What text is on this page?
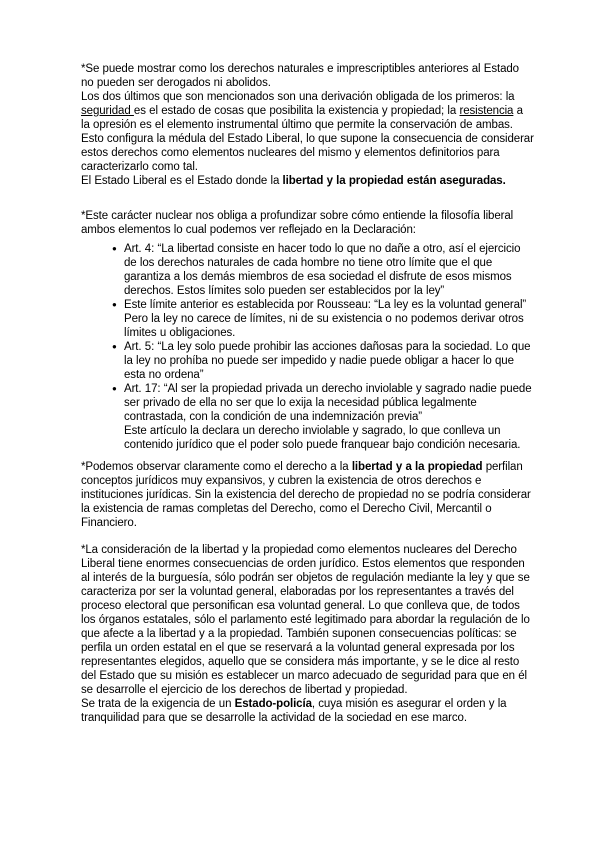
*Se puede mostrar como los derechos naturales e imprescriptibles anteriores al Estado no pueden ser derogados ni abolidos.

Los dos últimos que son mencionados son una derivación obligada de los primeros: la seguridad es el estado de cosas que posibilita la existencia y propiedad; la resistencia a la opresión es el elemento instrumental último que permite la conservación de ambas. Esto configura la médula del Estado Liberal, lo que supone la consecuencia de considerar estos derechos como elementos nucleares del mismo y elementos definitorios para caracterizarlo como tal.

El Estado Liberal es el Estado donde la libertad y la propiedad están aseguradas.

*Este carácter nuclear nos obliga a profundizar sobre cómo entiende la filosofía liberal ambos elementos lo cual podemos ver reflejado en la Declaración:

● Art. 4: “La libertad consiste en hacer todo lo que no dañe a otro, así el ejercicio de los derechos naturales de cada hombre no tiene otro límite que el que garantiza a los demás miembros de esa sociedad el disfrute de esos mismos derechos. Estos límites solo pueden ser establecidos por la ley”
● Este límite anterior es establecida por Rousseau: “La ley es la voluntad general”
Pero la ley no carece de límites, ni de su existencia o no podemos derivar otros límites u obligaciones.
● Art. 5: “La ley solo puede prohibir las acciones dañosas para la sociedad. Lo que la ley no prohíba no puede ser impedido y nadie puede obligar a hacer lo que esta no ordena”
● Art. 17: “Al ser la propiedad privada un derecho inviolable y sagrado nadie puede ser privado de ella no ser que lo exija la necesidad pública legalmente contrastada, con la condición de una indemnización previa”
Este artículo la declara un derecho inviolable y sagrado, lo que conlleva un contenido jurídico que el poder solo puede franquear bajo condición necesaria.

*Podemos observar claramente como el derecho a la libertad y a la propiedad perfilan conceptos jurídicos muy expansivos, y cubren la existencia de otros derechos e instituciones jurídicas. Sin la existencia del derecho de propiedad no se podría considerar la existencia de ramas completas del Derecho, como el Derecho Civil, Mercantil o Financiero.

*La consideración de la libertad y la propiedad como elementos nucleares del Derecho Liberal tiene enormes consecuencias de orden jurídico. Estos elementos que responden al interés de la burguesía, sólo podrán ser objetos de regulación mediante la ley y que se caracteriza por ser la voluntad general, elaboradas por los representantes a través del proceso electoral que personifican esa voluntad general. Lo que conlleva que, de todos los órganos estatales, sólo el parlamento esté legitimado para abordar la regulación de lo que afecte a la libertad y a la propiedad. También suponen consecuencias políticas: se perfila un orden estatal en el que se reservará a la voluntad general expresada por los representantes elegidos, aquello que se considera más importante, y se le dice al resto del Estado que su misión es establecer un marco adecuado de seguridad para que en él se desarrolle el ejercicio de los derechos de libertad y propiedad.

Se trata de la exigencia de un Estado-policía, cuya misión es asegurar el orden y la tranquilidad para que se desarrolle la actividad de la sociedad en ese marco.
